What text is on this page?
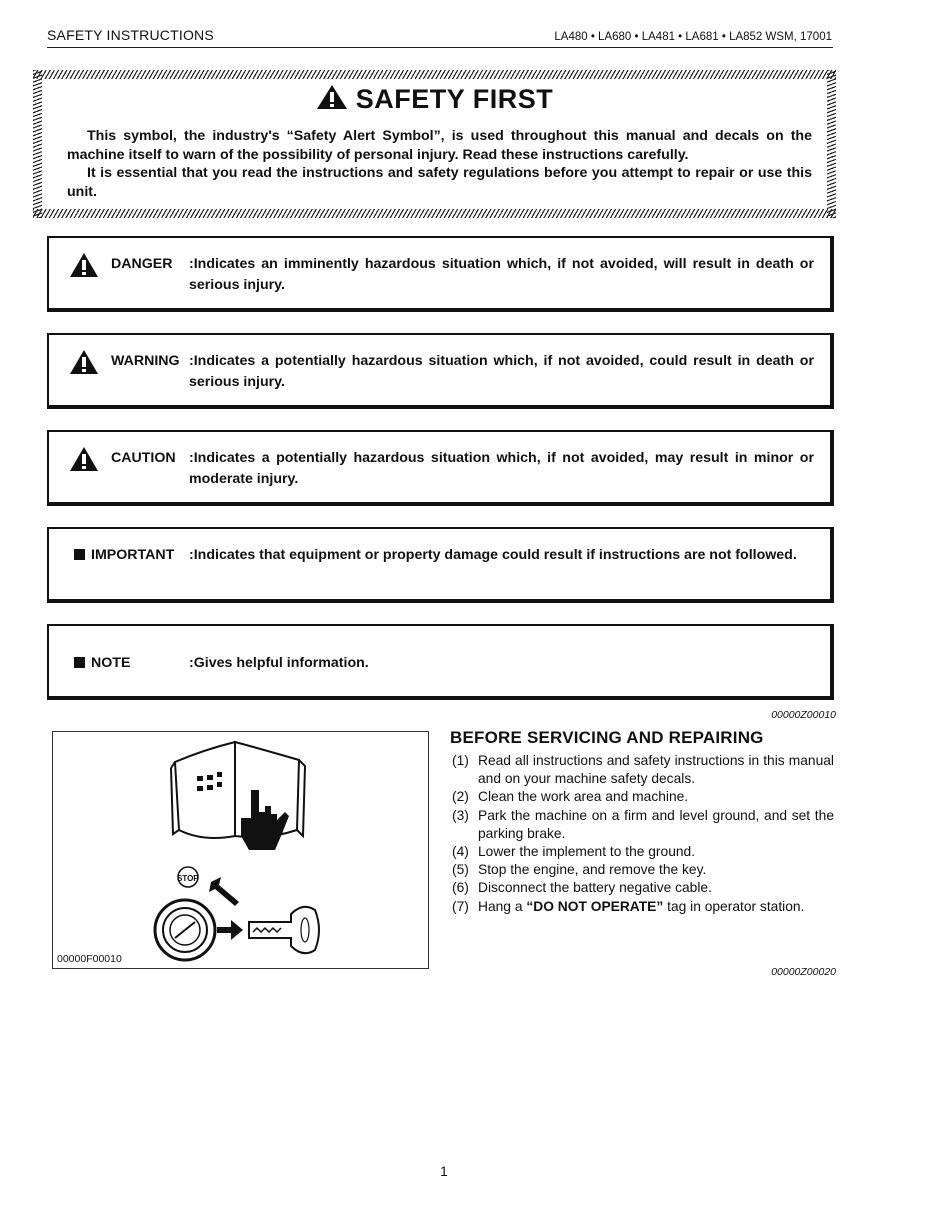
SAFETY INSTRUCTIONS	LA480 • LA680 • LA481 • LA681 • LA852 WSM, 17001
SAFETY FIRST

This symbol, the industry's “Safety Alert Symbol”, is used throughout this manual and decals on the machine itself to warn of the possibility of personal injury. Read these instructions carefully.

It is essential that you read the instructions and safety regulations before you attempt to repair or use this unit.

DANGER :Indicates an imminently hazardous situation which, if not avoided, will result in death or serious injury.
WARNING :Indicates a potentially hazardous situation which, if not avoided, could result in death or serious injury.
CAUTION :Indicates a potentially hazardous situation which, if not avoided, may result in minor or moderate injury.
IMPORTANT :Indicates that equipment or property damage could result if instructions are not followed.
NOTE	:Gives helpful information.
00000Z00010
STOP
00000F00010
BEFORE SERVICING AND REPAIRING
(1) Read all instructions and safety instructions in this manual and on your machine safety decals.
(2) Clean the work area and machine.
(3) Park the machine on a firm and level ground, and set the parking brake.
(4) Lower the implement to the ground.
(5) Stop the engine, and remove the key.
(6) Disconnect the battery negative cable.
(7) Hang a “DO NOT OPERATE” tag in operator station.
00000Z00020
1
